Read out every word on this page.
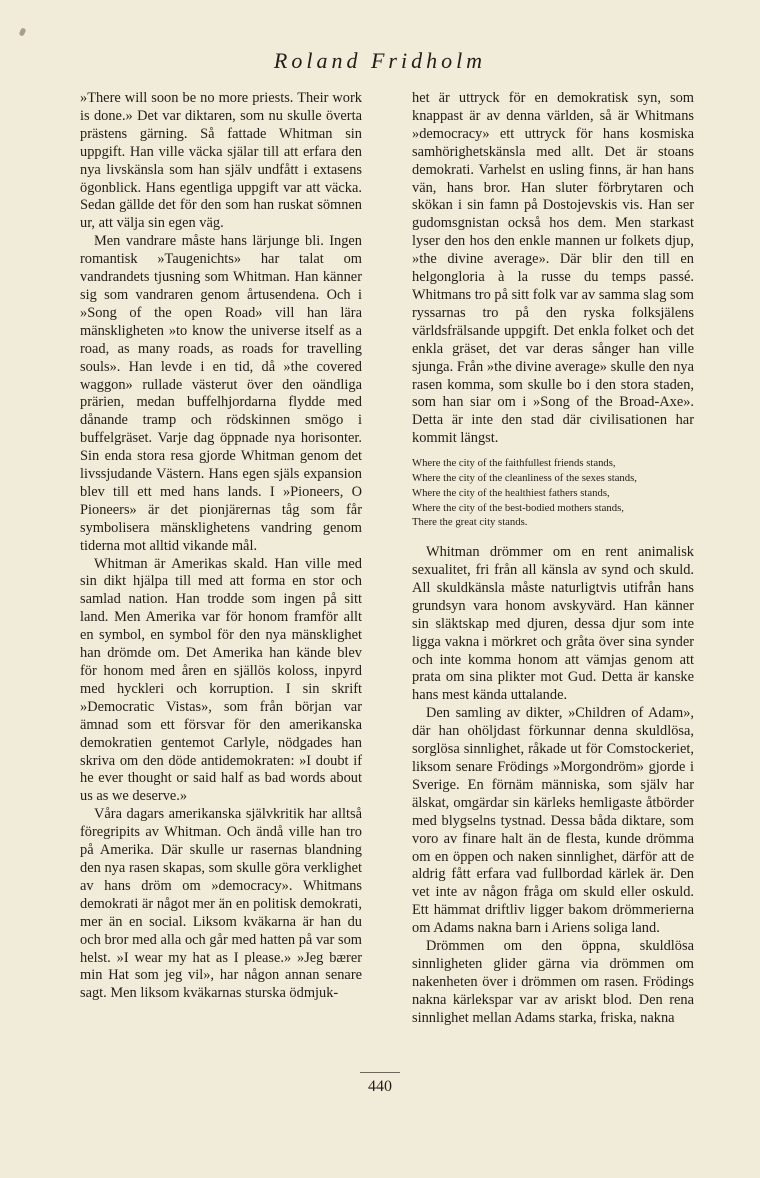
Roland Fridholm

»There will soon be no more priests. Their work is done.» Det var diktaren, som nu skulle överta prästens gärning. Så fattade Whitman sin uppgift. Han ville väcka själar till att erfara den nya livskänsla som han själv undfått i extasens ögonblick. Hans egentliga uppgift var att väcka. Sedan gällde det för den som han ruskat sömnen ur, att välja sin egen väg.

Men vandrare måste hans lärjunge bli. Ingen romantisk »Taugenichts» har talat om vandrandets tjusning som Whitman. Han känner sig som vandraren genom årtusendena. Och i »Song of the open Road» vill han lära mänskligheten »to know the universe itself as a road, as many roads, as roads for travelling souls». Han levde i en tid, då »the covered waggon» rullade västerut över den oändliga prärien, medan buffelhjordarna flydde med dånande tramp och rödskinnen smögo i buffelgräset. Varje dag öppnade nya horisonter. Sin enda stora resa gjorde Whitman genom det livssjudande Västern. Hans egen själs expansion blev till ett med hans lands. I »Pioneers, O Pioneers» är det pionjärernas tåg som får symbolisera mänsklighetens vandring genom tiderna mot alltid vikande mål.

Whitman är Amerikas skald. Han ville med sin dikt hjälpa till med att forma en stor och samlad nation. Han trodde som ingen på sitt land. Men Amerika var för honom framför allt en symbol, en symbol för den nya mänsklighet han drömde om. Det Amerika han kände blev för honom med åren en själlös koloss, inpyrd med hyckleri och korruption. I sin skrift »Democratic Vistas», som från början var ämnad som ett försvar för den amerikanska demokratien gentemot Carlyle, nödgades han skriva om den döde antidemokraten: »I doubt if he ever thought or said half as bad words about us as we deserve.»

Våra dagars amerikanska självkritik har alltså föregripits av Whitman. Och ändå ville han tro på Amerika. Där skulle ur rasernas blandning den nya rasen skapas, som skulle göra verklighet av hans dröm om »democracy». Whitmans demokrati är något mer än en politisk demokrati, mer än en social. Liksom kväkarna är han du och bror med alla och går med hatten på var som helst. »I wear my hat as I please.» »Jeg bærer min Hat som jeg vil», har någon annan senare sagt. Men liksom kväkarnas sturska ödmjuk-

het är uttryck för en demokratisk syn, som knappast är av denna världen, så är Whitmans »democracy» ett uttryck för hans kosmiska samhörighetskänsla med allt. Det är stoans demokrati. Varhelst en usling finns, är han hans vän, hans bror. Han sluter förbrytaren och skökan i sin famn på Dostojevskis vis. Han ser gudomsgnistan också hos dem. Men starkast lyser den hos den enkle mannen ur folkets djup, »the divine average». Där blir den till en helgongloria à la russe du temps passé. Whitmans tro på sitt folk var av samma slag som ryssarnas tro på den ryska folksjälens världsfrälsande uppgift. Det enkla folket och det enkla gräset, det var deras sånger han ville sjunga. Från »the divine average» skulle den nya rasen komma, som skulle bo i den stora staden, som han siar om i »Song of the Broad-Axe». Detta är inte den stad där civilisationen har kommit längst.

Where the city of the faithfullest friends stands,
Where the city of the cleanliness of the sexes stands,
Where the city of the healthiest fathers stands,
Where the city of the best-bodied mothers stands,
There the great city stands.

Whitman drömmer om en rent animalisk sexualitet, fri från all känsla av synd och skuld. All skuldkänsla måste naturligtvis utifrån hans grundsyn vara honom avskyvärd. Han känner sin släktskap med djuren, dessa djur som inte ligga vakna i mörkret och gråta över sina synder och inte komma honom att vämjas genom att prata om sina plikter mot Gud. Detta är kanske hans mest kända uttalande.

Den samling av dikter, »Children of Adam», där han ohöljdast förkunnar denna skuldlösa, sorglösa sinnlighet, råkade ut för Comstockeriet, liksom senare Frödings »Morgondröm» gjorde i Sverige. En förnäm människa, som själv har älskat, omgärdar sin kärleks hemligaste åtbörder med blygselns tystnad. Dessa båda diktare, som voro av finare halt än de flesta, kunde drömma om en öppen och naken sinnlighet, därför att de aldrig fått erfara vad fullbordad kärlek är. Den vet inte av någon fråga om skuld eller oskuld. Ett hämmat driftliv ligger bakom drömmerierna om Adams nakna barn i Ariens soliga land.

Drömmen om den öppna, skuldlösa sinnligheten glider gärna via drömmen om nakenheten över i drömmen om rasen. Frödings nakna kärlekspar var av ariskt blod. Den rena sinnlighet mellan Adams starka, friska, nakna

440
